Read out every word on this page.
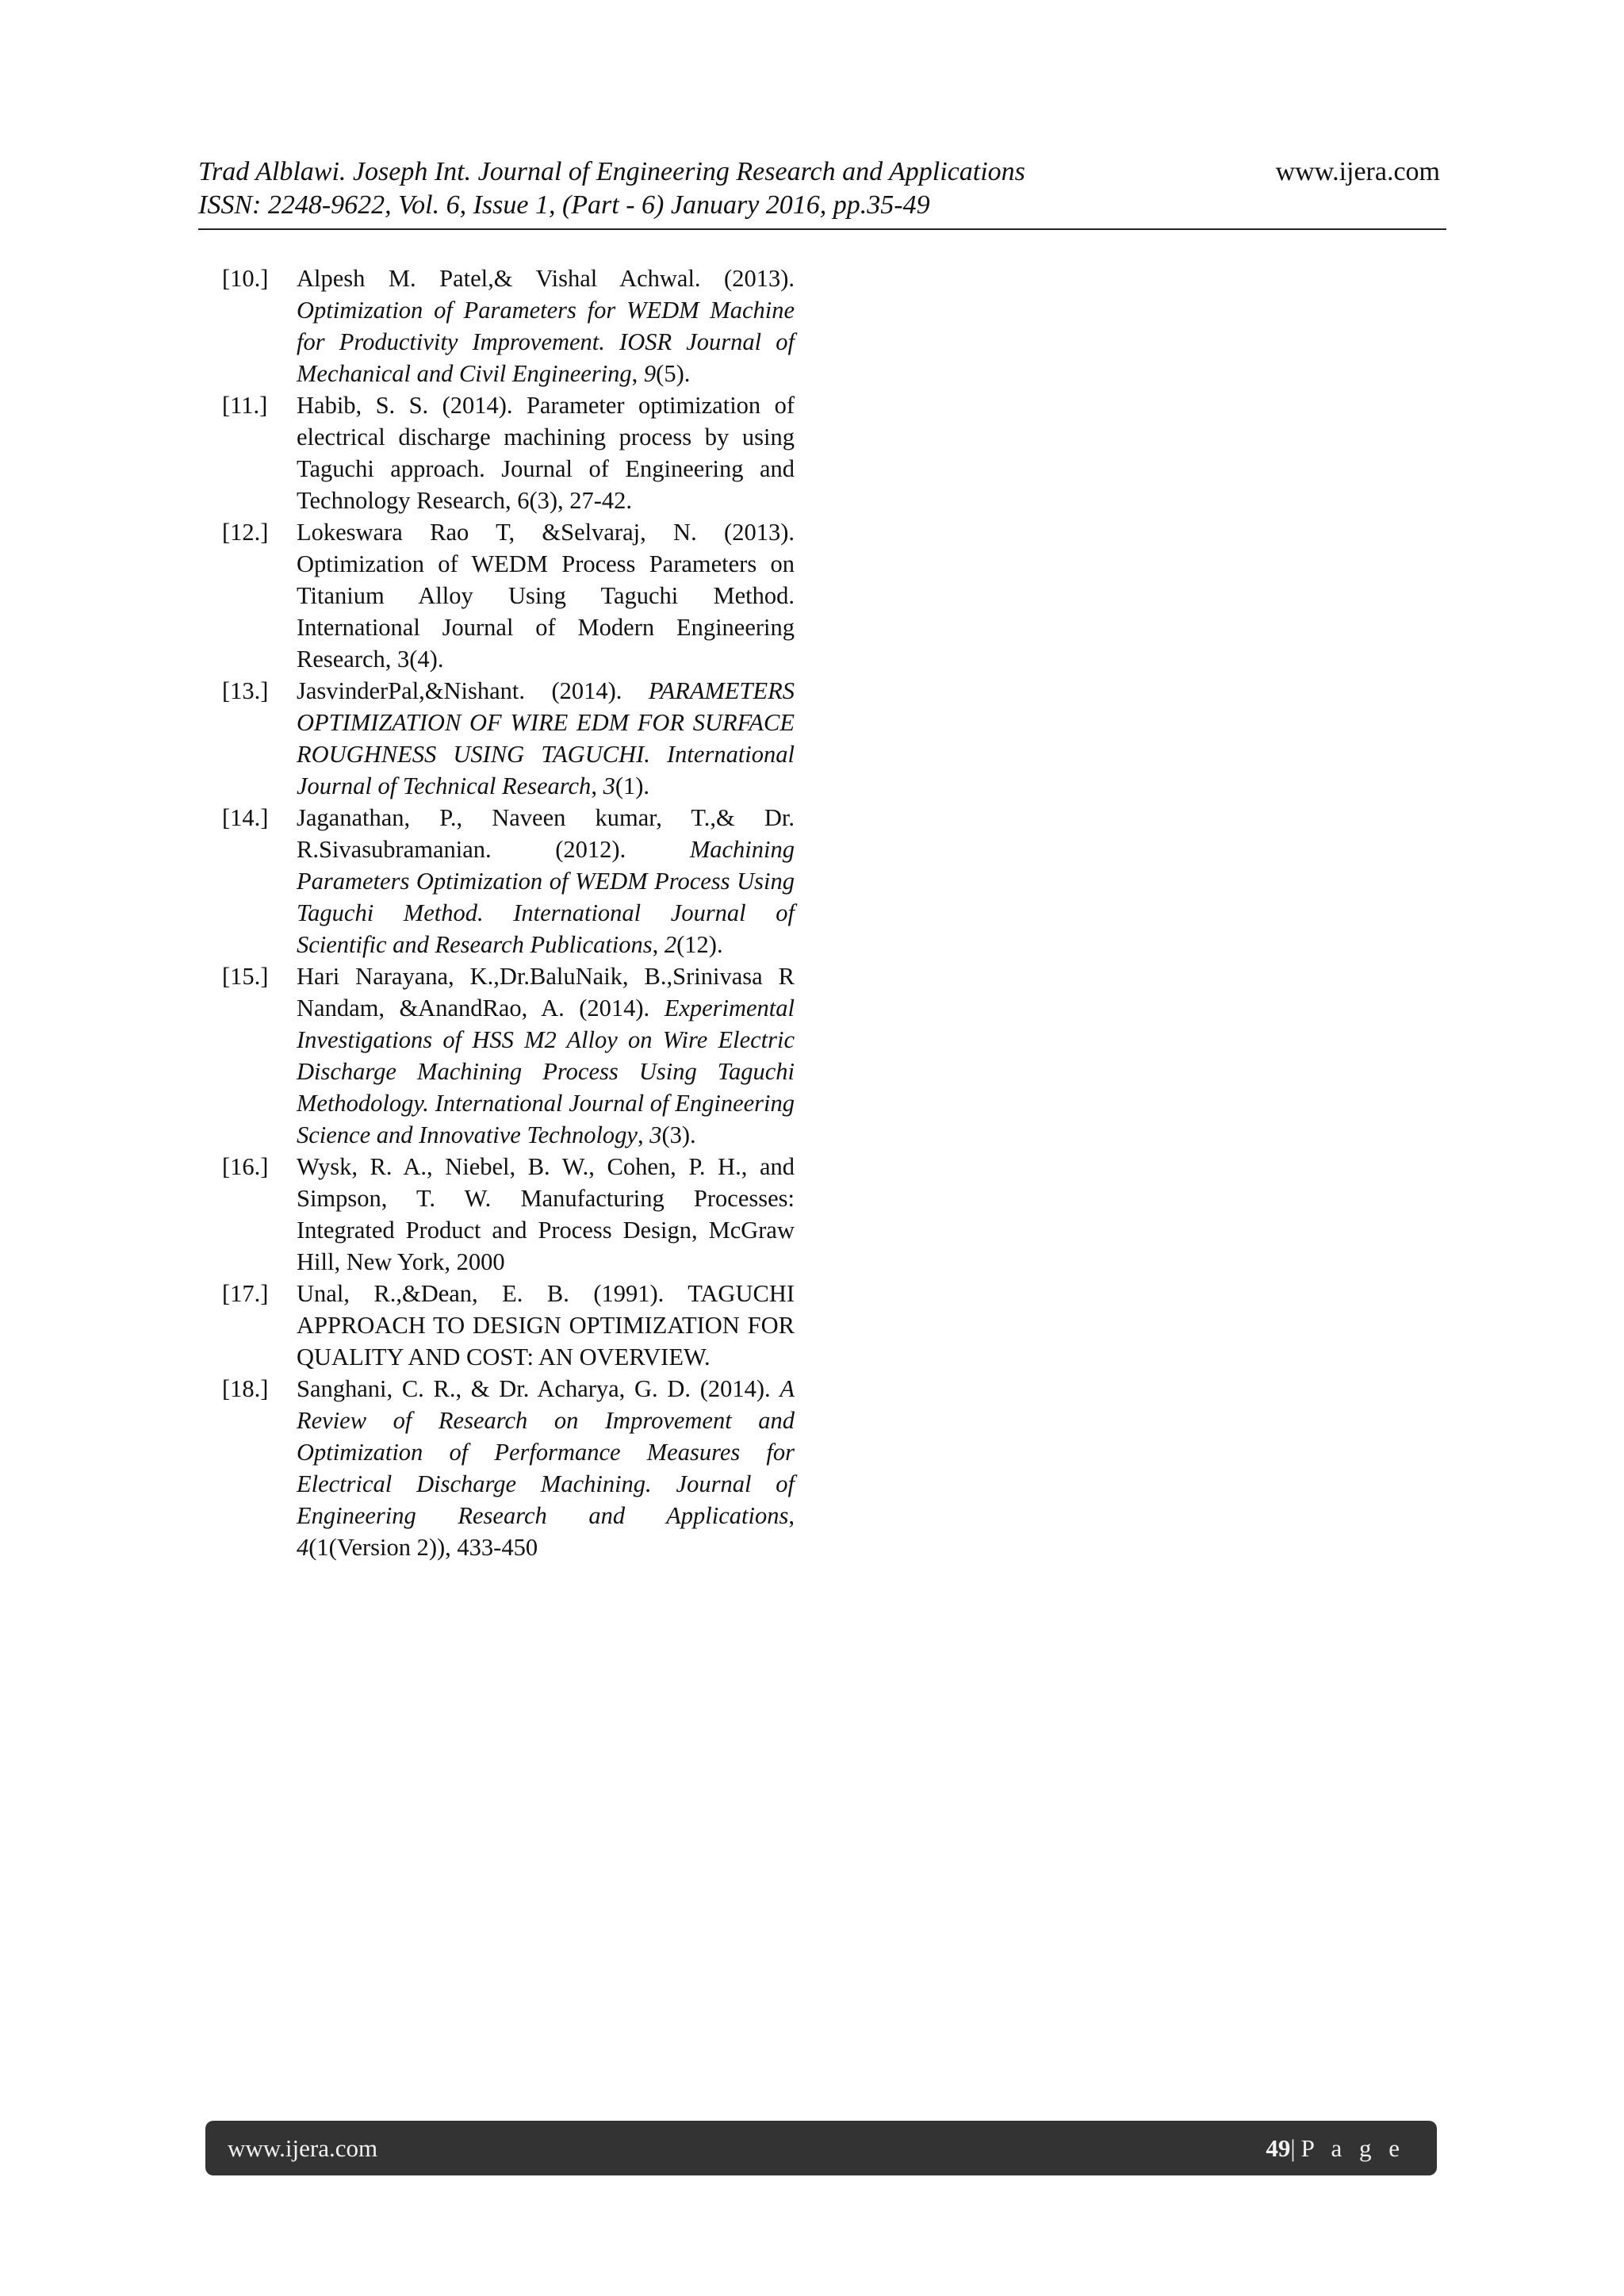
Trad Alblawi. Joseph Int. Journal of Engineering Research and Applications	www.ijera.com
ISSN: 2248-9622, Vol. 6, Issue 1, (Part - 6) January 2016, pp.35-49
[10.]	Alpesh M. Patel,& Vishal Achwal. (2013). Optimization of Parameters for WEDM Machine for Productivity Improvement. IOSR Journal of Mechanical and Civil Engineering, 9(5).
[11.]	Habib, S. S. (2014). Parameter optimization of electrical discharge machining process by using Taguchi approach. Journal of Engineering and Technology Research, 6(3), 27-42.
[12.]	Lokeswara Rao T, &Selvaraj, N. (2013). Optimization of WEDM Process Parameters on Titanium Alloy Using Taguchi Method. International Journal of Modern Engineering Research, 3(4).
[13.]	JasvinderPal,&Nishant. (2014). PARAMETERS OPTIMIZATION OF WIRE EDM FOR SURFACE ROUGHNESS USING TAGUCHI. International Journal of Technical Research, 3(1).
[14.]	Jaganathan, P., Naveen kumar, T.,& Dr. R.Sivasubramanian. (2012). Machining Parameters Optimization of WEDM Process Using Taguchi Method. International Journal of Scientific and Research Publications, 2(12).
[15.]	Hari Narayana, K.,Dr.BaluNaik, B.,Srinivasa R Nandam, &AnandRao, A. (2014). Experimental Investigations of HSS M2 Alloy on Wire Electric Discharge Machining Process Using Taguchi Methodology. International Journal of Engineering Science and Innovative Technology, 3(3).
[16.]	Wysk, R. A., Niebel, B. W., Cohen, P. H., and Simpson, T. W. Manufacturing Processes: Integrated Product and Process Design, McGraw Hill, New York, 2000
[17.]	Unal, R.,&Dean, E. B. (1991). TAGUCHI APPROACH TO DESIGN OPTIMIZATION FOR QUALITY AND COST: AN OVERVIEW.
[18.]	Sanghani, C. R., & Dr. Acharya, G. D. (2014). A Review of Research on Improvement and Optimization of Performance Measures for Electrical Discharge Machining. Journal of Engineering Research and Applications, 4(1(Version 2)), 433-450
www.ijera.com	49|P a g e
